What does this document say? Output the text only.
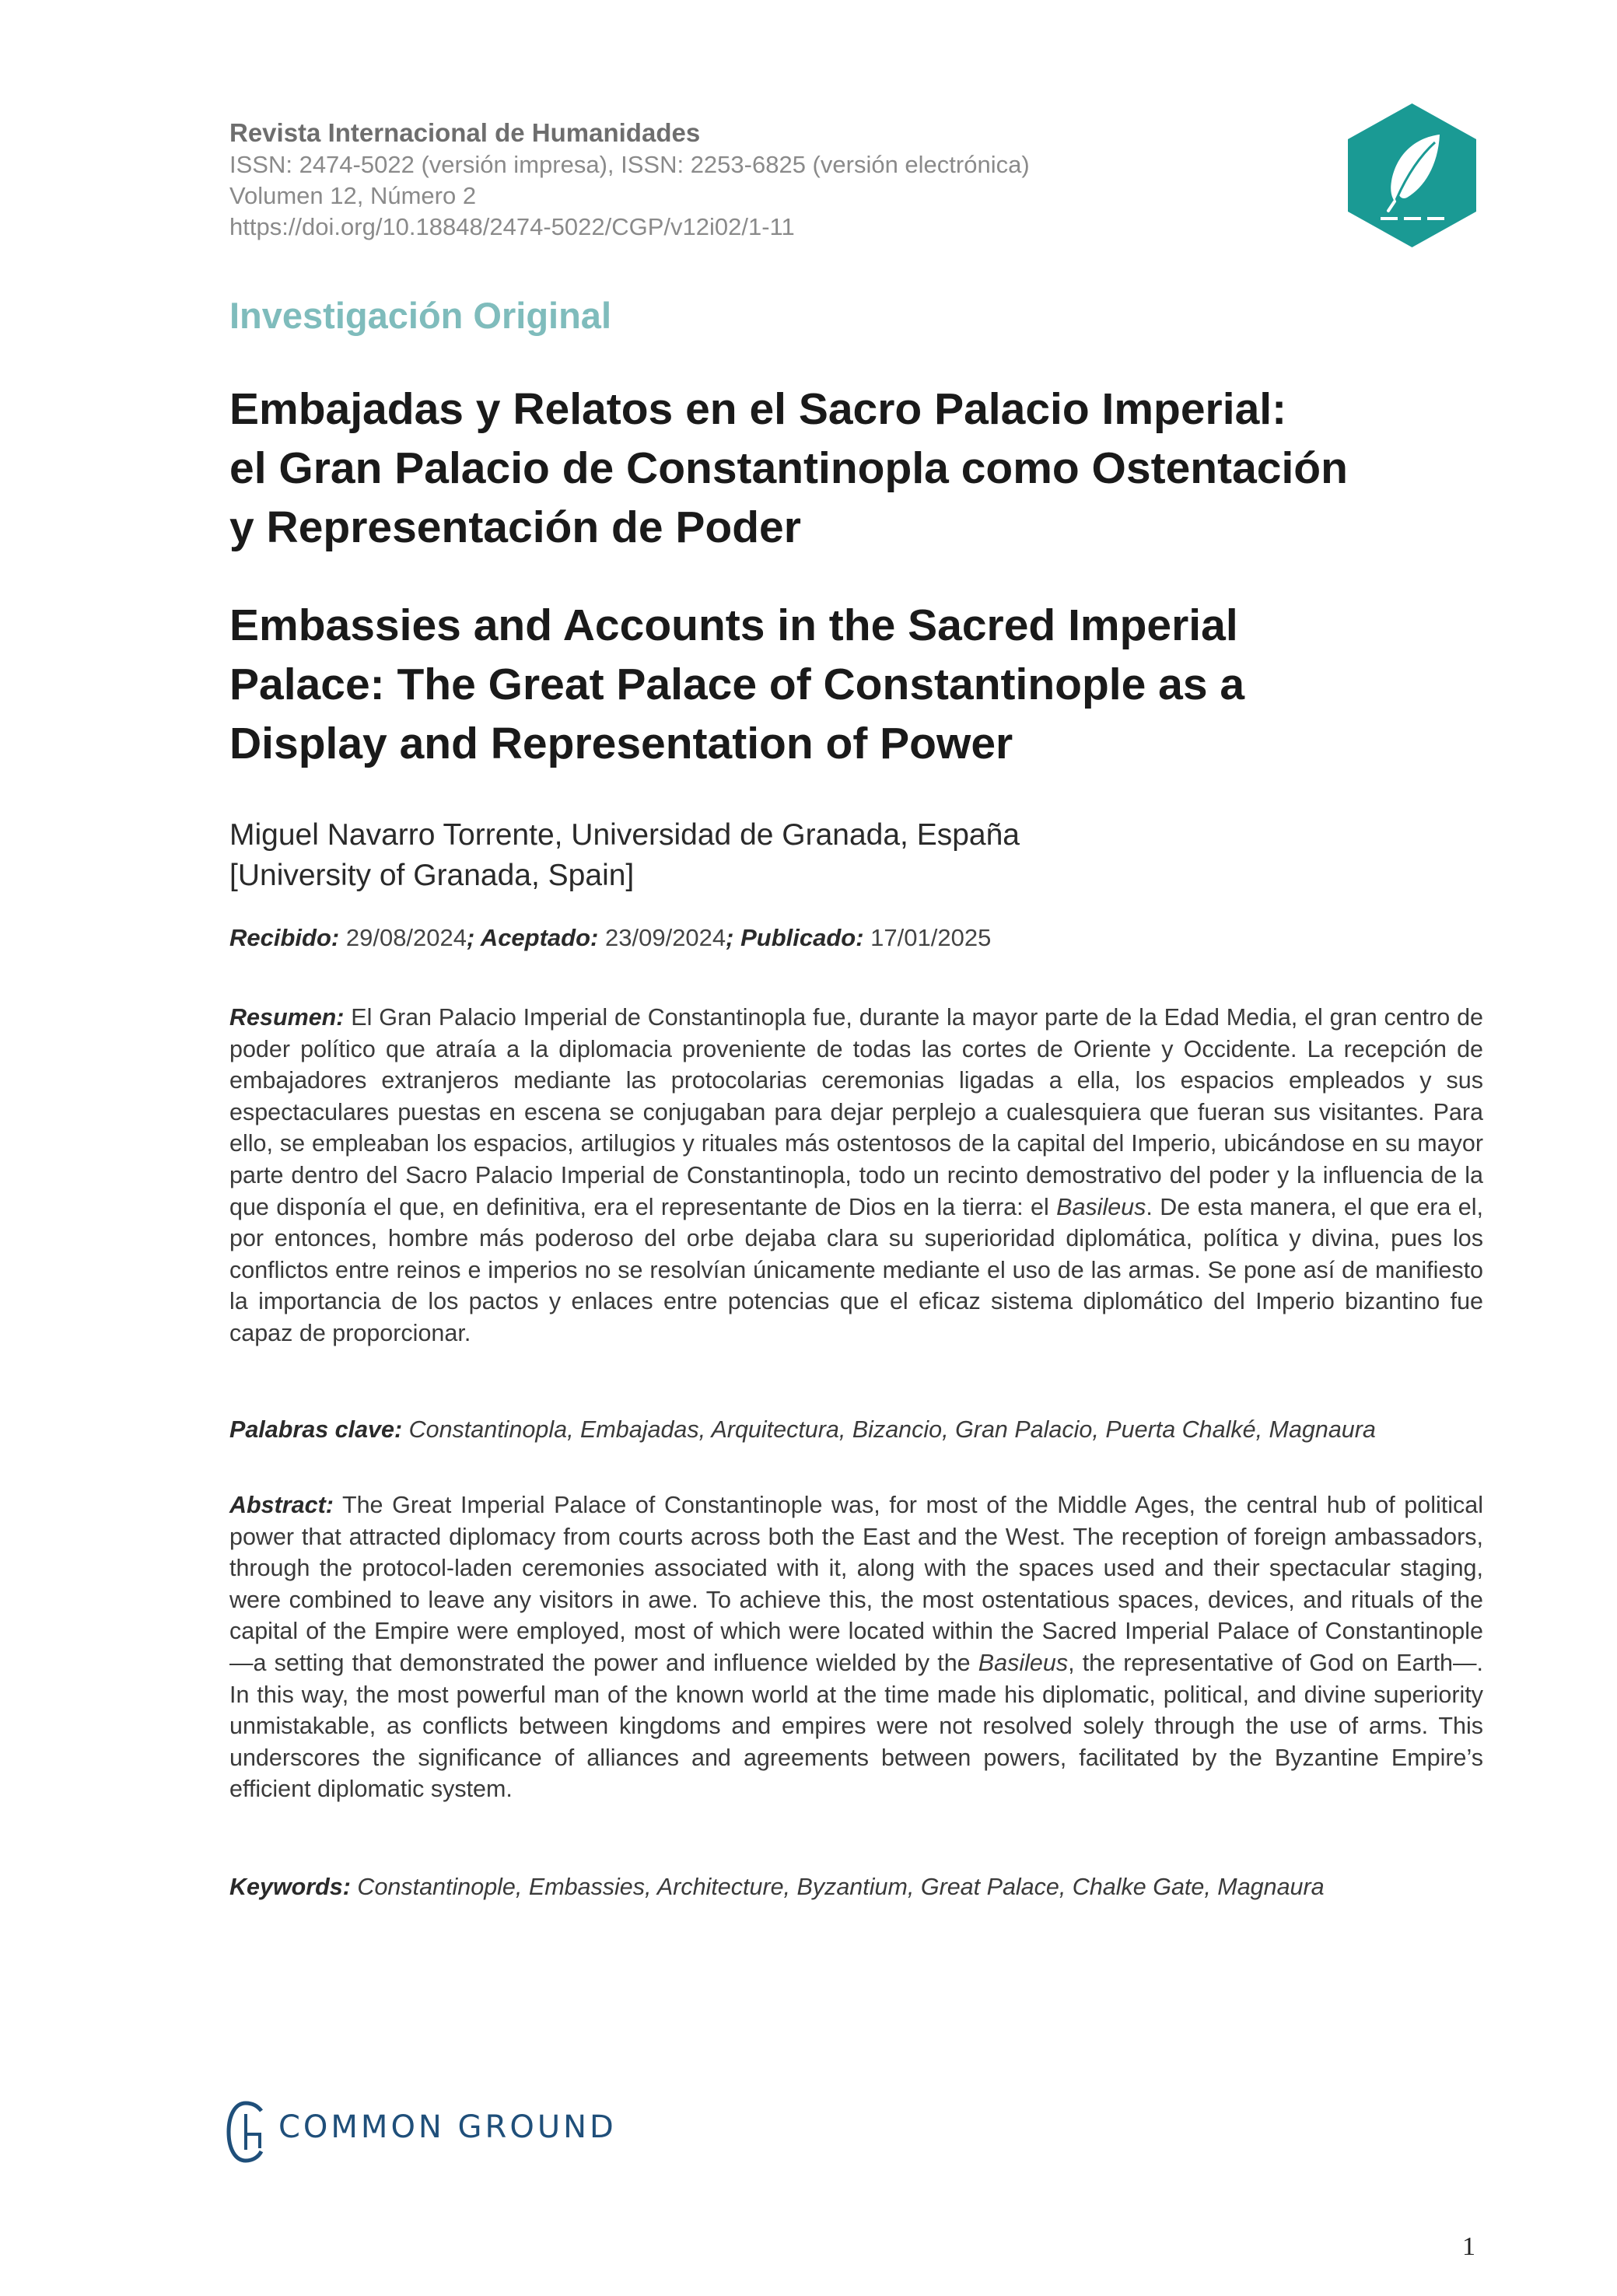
Revista Internacional de Humanidades
ISSN: 2474-5022 (versión impresa), ISSN: 2253-6825 (versión electrónica)
Volumen 12, Número 2
https://doi.org/10.18848/2474-5022/CGP/v12i02/1-11
Investigación Original
Embajadas y Relatos en el Sacro Palacio Imperial:
el Gran Palacio de Constantinopla como Ostentación
y Representación de Poder
Embassies and Accounts in the Sacred Imperial
Palace: The Great Palace of Constantinople as a
Display and Representation of Power
Miguel Navarro Torrente, Universidad de Granada, España
[University of Granada, Spain]
Recibido: 29/08/2024; Aceptado: 23/09/2024; Publicado: 17/01/2025
Resumen: El Gran Palacio Imperial de Constantinopla fue, durante la mayor parte de la Edad Media, el gran centro de poder político que atraía a la diplomacia proveniente de todas las cortes de Oriente y Occidente. La recepción de embajadores extranjeros mediante las protocolarias ceremonias ligadas a ella, los espacios empleados y sus espectaculares puestas en escena se conjugaban para dejar perplejo a cualesquiera que fueran sus visitantes. Para ello, se empleaban los espacios, artilugios y rituales más ostentosos de la capital del Imperio, ubicándose en su mayor parte dentro del Sacro Palacio Imperial de Constantinopla, todo un recinto demostrativo del poder y la influencia de la que disponía el que, en definitiva, era el representante de Dios en la tierra: el Basileus. De esta manera, el que era el, por entonces, hombre más poderoso del orbe dejaba clara su superioridad diplomática, política y divina, pues los conflictos entre reinos e imperios no se resolvían únicamente mediante el uso de las armas. Se pone así de manifiesto la importancia de los pactos y enlaces entre potencias que el eficaz sistema diplomático del Imperio bizantino fue capaz de proporcionar.
Palabras clave: Constantinopla, Embajadas, Arquitectura, Bizancio, Gran Palacio, Puerta Chalké, Magnaura
Abstract: The Great Imperial Palace of Constantinople was, for most of the Middle Ages, the central hub of political power that attracted diplomacy from courts across both the East and the West. The reception of foreign ambassadors, through the protocol-laden ceremonies associated with it, along with the spaces used and their spectacular staging, were combined to leave any visitors in awe. To achieve this, the most ostentatious spaces, devices, and rituals of the capital of the Empire were employed, most of which were located within the Sacred Imperial Palace of Constantinople—a setting that demonstrated the power and influence wielded by the Basileus, the representative of God on Earth—. In this way, the most powerful man of the known world at the time made his diplomatic, political, and divine superiority unmistakable, as conflicts between kingdoms and empires were not resolved solely through the use of arms. This underscores the significance of alliances and agreements between powers, facilitated by the Byzantine Empire’s efficient diplomatic system.
Keywords: Constantinople, Embassies, Architecture, Byzantium, Great Palace, Chalke Gate, Magnaura
COMMON GROUND
1
